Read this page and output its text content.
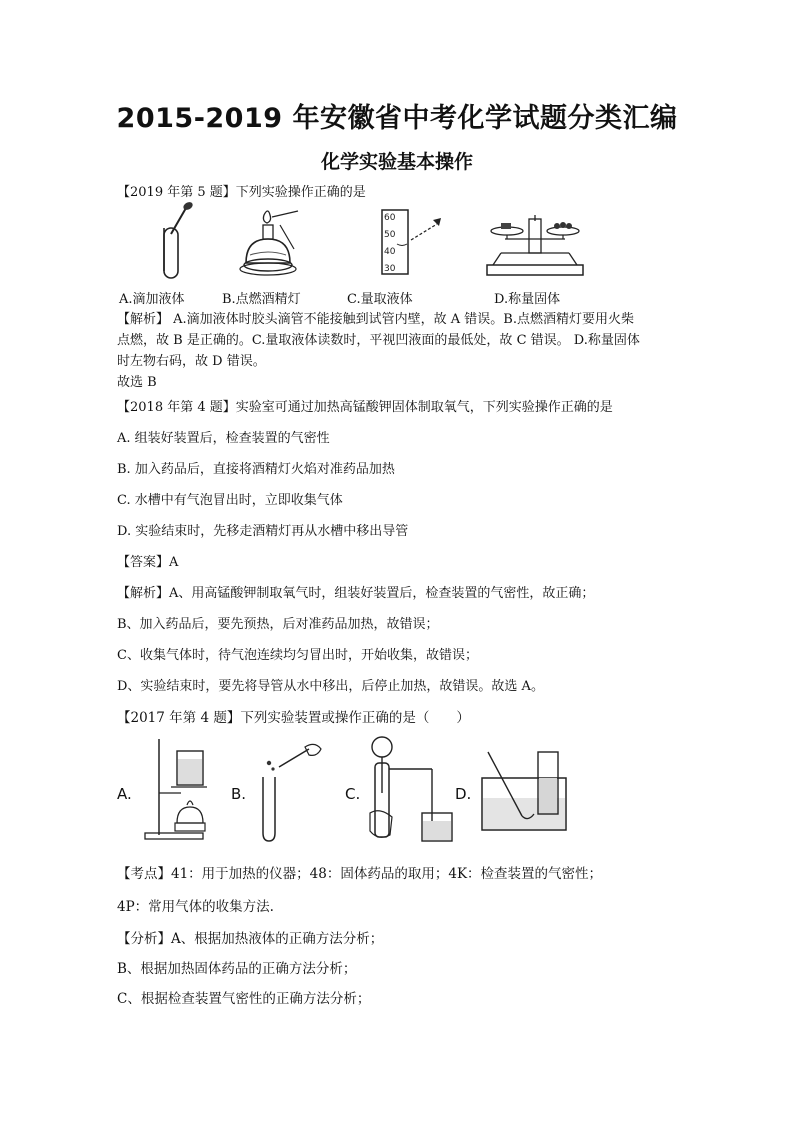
2015-2019 年安徽省中考化学试题分类汇编
化学实验基本操作
【2019 年第 5 题】下列实验操作正确的是
60
50
40
30
A.滴加液体	B.点燃酒精灯	C.量取液体	D.称量固体
【解析】 A.滴加液体时胶头滴管不能接触到试管内壁，故 A 错误。B.点燃酒精灯要用火柴
点燃，故 B 是正确的。C.量取液体读数时，平视凹液面的最低处，故 C 错误。 D.称量固体
时左物右码，故 D 错误。
故选 B
【2018 年第 4 题】实验室可通过加热高锰酸钾固体制取氧气，下列实验操作正确的是
A. 组装好装置后，检查装置的气密性
B. 加入药品后，直接将酒精灯火焰对准药品加热
C. 水槽中有气泡冒出时，立即收集气体
D. 实验结束时，先移走酒精灯再从水槽中移出导管
【答案】A
【解析】A、用高锰酸钾制取氧气时，组装好装置后，检查装置的气密性，故正确；
B、加入药品后，要先预热，后对准药品加热，故错误；
C、收集气体时，待气泡连续均匀冒出时，开始收集，故错误；
D、实验结束时，要先将导管从水中移出，后停止加热，故错误。故选 A。
【2017 年第 4 题】下列实验装置或操作正确的是（　　）
A.	B.	C.	D.
【考点】41：用于加热的仪器；48：固体药品的取用；4K：检查装置的气密性；
4P：常用气体的收集方法.
【分析】A、根据加热液体的正确方法分析；
B、根据加热固体药品的正确方法分析；
C、根据检查装置气密性的正确方法分析；
